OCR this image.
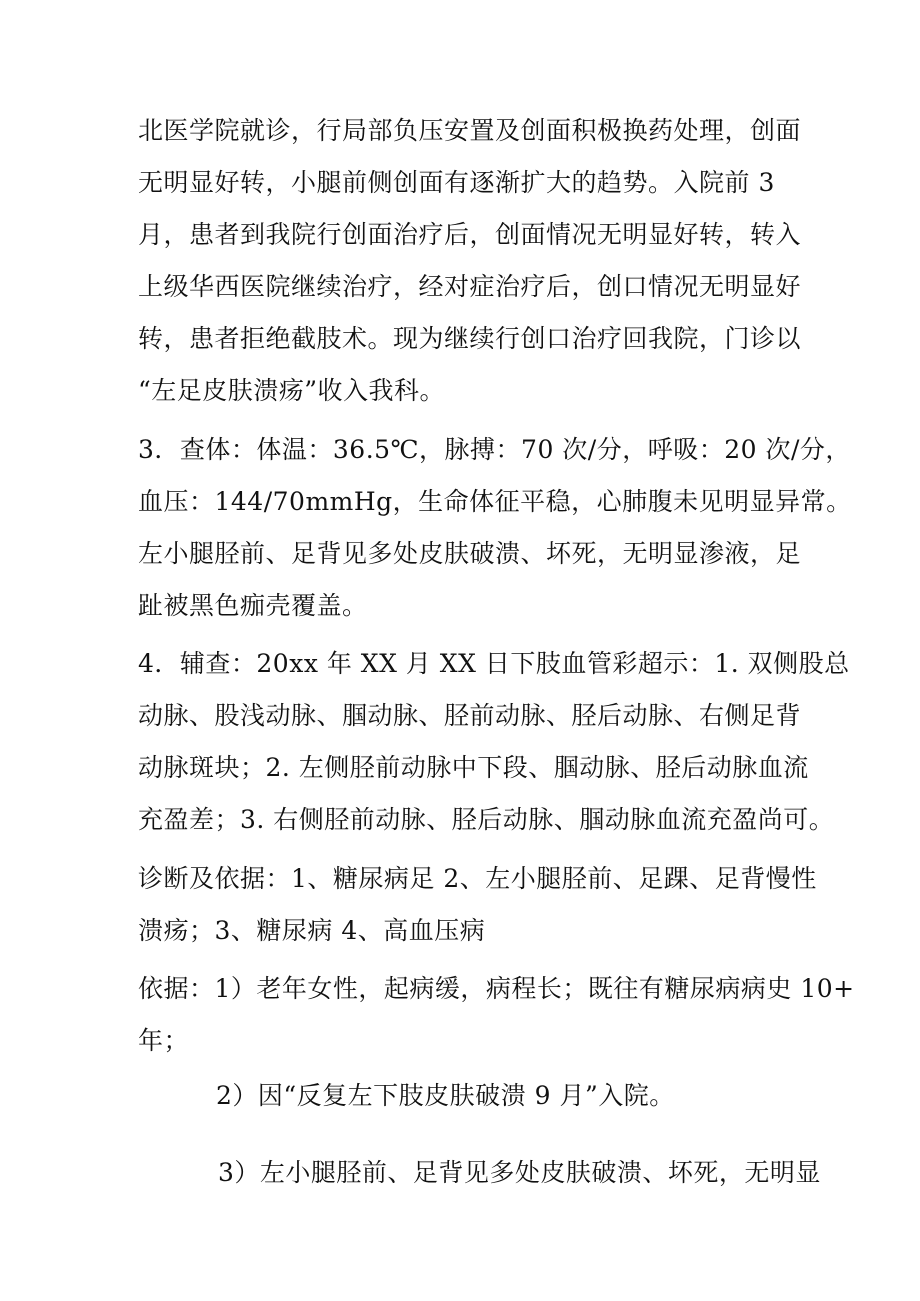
北医学院就诊，行局部负压安置及创面积极换药处理，创面
无明显好转，小腿前侧创面有逐渐扩大的趋势。入院前 3
月，患者到我院行创面治疗后，创面情况无明显好转，转入
上级华西医院继续治疗，经对症治疗后，创口情况无明显好
转，患者拒绝截肢术。现为继续行创口治疗回我院，门诊以
“左足皮肤溃疡”收入我科。

3．查体：体温：36.5℃，脉搏：70 次/分，呼吸：20 次/分，
血压：144/70mmHg，生命体征平稳，心肺腹未见明显异常。
左小腿胫前、足背见多处皮肤破溃、坏死，无明显渗液，足
趾被黑色痂壳覆盖。

4．辅查：20xx 年 XX 月 XX 日下肢血管彩超示：1. 双侧股总
动脉、股浅动脉、腘动脉、胫前动脉、胫后动脉、右侧足背
动脉斑块；2. 左侧胫前动脉中下段、腘动脉、胫后动脉血流
充盈差；3. 右侧胫前动脉、胫后动脉、腘动脉血流充盈尚可。

诊断及依据：1、糖尿病足 2、左小腿胫前、足踝、足背慢性
溃疡；3、糖尿病 4、高血压病

依据：1）老年女性，起病缓，病程长；既往有糖尿病病史 10+
年；

2）因“反复左下肢皮肤破溃 9 月”入院。

3）左小腿胫前、足背见多处皮肤破溃、坏死，无明显
